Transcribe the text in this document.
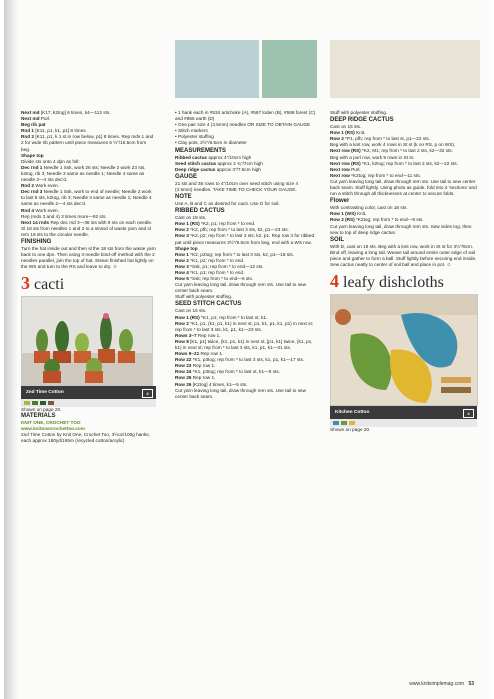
Next md [K17, k2tog] 6 times, k4—112 sts.

Next md Purl.

Beg rib pat

Rnd 1 [K11, p1, k1, p1] 8 times.

Rnd 2 [K11, p1, k 1 st in row below, p1] 8 times. Rep mds 1 and 2 for wide rib pattern until piece measures 6 ½"/16.5cm from beg.

Shape top

Divide sts onto 4 dpn as foll:

Dec rnd 1 Needle 1 Ssk, work 26 sts; Needle 2 work 23 sts, k2tog, rib 3; Needle 3 same as needle 1; Needle 4 same as needle 2—4 sts dec'd.

Rnd 2 Work even.

Dec rnd 3 Needle 1 Ssk, work to end of needle; Needle 2 work to last 5 sts, k2tog, rib 3; Needle 3 same as needle 1; Needle 4 same as needle 2—4 sts dec'd.

Rnd 4 Work even.

Rep (mds 3 and 4) 3 times more—92 sts.

Next 14 rnds Rep dec md 3—36 sts with 9 sts on each needle. Sl 18 sts from needles 1 and 2 to a strand of waste yarn and sl rem 18 sts to the circular needle.

FINISHING

Turn the hat inside out and then sl the 18 sts from the waste yarn back to one dpn. Then using 3-needle bind-off method with the 2 needles parallel, join the top of hat. Steam finished hat lightly on the WS and turn to the RS and leave to dry. ☺

3 cacti
2nd Time Cotton	4

Shown on page 20.

MATERIALS

KNIT ONE, CROCHET TOO

www.knitonecrochettoo.com

2nd Time Cotton by Knit One, Crochet Too, 3½oz/100g hanks, each approx 180yd/165m (recycled cotton/acrylic)

• 1 hank each in #534 artichoke (A), #567 loden (B), #598 forest (C) and #855 earth (D)

• One pair size 4 (3.5mm) needles OR SIZE TO OBTAIN GAUGE

• Stitch markers

• Polyester stuffing

• Clay pots, 2½"/6.5cm in diameter

MEASUREMENTS

Ribbed cactus approx 4"/10cm high

Seed stitch cactus approx 2 ¾"/7cm high

Deep ridge cactus approx 3"/7.5cm high

GAUGE

21 sts and 38 rows to 4"/10cm over seed stitch using size 4 (3.5mm) needles. TAKE TIME TO CHECK YOUR GAUGE.

NOTE

Use A, B and C as desired for cacti. Use D for soil.

RIBBED CACTUS

Cast on 18 sts.

Row 1 (RS) *K2, p1; rep from * to end.

Row 2 *K2, pfb; rep from * to last 3 sts, k2, p1—23 sts.

Row 3 *K2, p2; rep from * to last 3 sts, k2, p1. Rep row 3 for ribbed pat until piece measures 3½"/9.5cm from beg, end with a WS row.

Shape top

Row 1 *K2, p2tog; rep from * to last 3 sts, k2, p1—18 sts.

Row 2 *K1, p2; rep from * to end.

Row 3 *Ssk, p1; rep from * to end—12 sts.

Row 4 *K1, p1; rep from * to end.

Row 5 *Ssk; rep from * to end—6 sts.

Cut yarn leaving long tail, draw through rem sts. Use tail to sew center back seam.

Stuff with polyester stuffing.

SEED STITCH CACTUS

Cast on 15 sts.

Row 1 (RS) *K1, p1; rep from * to last st, k1.

Row 2 *K1, p1, (k1, p1, k1) in next st, p1, k1, p1, k1, p1) in next st; rep from * to last 3 sts, k1, p1, k1—23 sts.

Rows 3–7 Rep row 1.

Row 8 [K1, p1] twice, (k1, p1, k1) in next st, [p1, k1] twice, (k1, p1, k1) in next st; rep from * to last 3 sts, k1, p1, k1—31 sts.

Rows 9–21 Rep row 1.

Row 22 *K1, p3tog; rep from * to last 3 sts, k1, p1, k1—17 sts.

Row 23 Rep row 1.

Row 24 *K1, p3tog; rep from * to last st, k1—9 sts.

Row 25 Rep row 1.

Row 26 [K2tog] 4 times, k1—5 sts.

Cut yarn leaving long tail, draw through rem sts. Use tail to sew center back seam.

Stuff with polyester stuffing.

DEEP RIDGE CACTUS

Cast on 15 sts.

Row 1 (RS) Knit.

Row 2 *P1, pfb; rep from * to last st, p1—22 sts.

Beg with a knit row, work 4 rows in St st (k on RS, p on WS).

Next row (RS) *K2, M1; rep from * to last 2 sts, k2—32 sts.

Beg with a purl row, work 9 rows in St st.

Next row (RS) *K1, k2tog; rep from * to last 2 sts, k2—22 sts.

Next row Purl.

Next row *K2tog; rep from * to end—11 sts.

Cut yarn leaving long tail, draw through rem sts. Use tail to sew center back seam. Stuff lightly. Using photo as guide, fold into 4 'sections' and run a stitch through all thicknesses at center to secure folds.

Flower

With contrasting color, cast on 18 sts.

Row 1 (WS) Knit.

Row 2 (RS) *K2tog; rep from * to end—9 sts.

Cut yarn leaving long tail, draw through rem sts. Sew sides tog, then sew to top of deep ridge cactus.

SOIL

With D, cast on 19 sts. Beg with a knit row, work in St st for 3½"/9cm. Bind off, leaving a long tail. Weave tail around entire outer edge of soil piece and gather to form a ball. Stuff lightly before securing end inside. Sew cactus neatly to center of soil ball and place in pot. ☺

4 leafy dishcloths
Kitchen Cotton	4

Shown on page 20.

www.knitsimplemag.com 53
